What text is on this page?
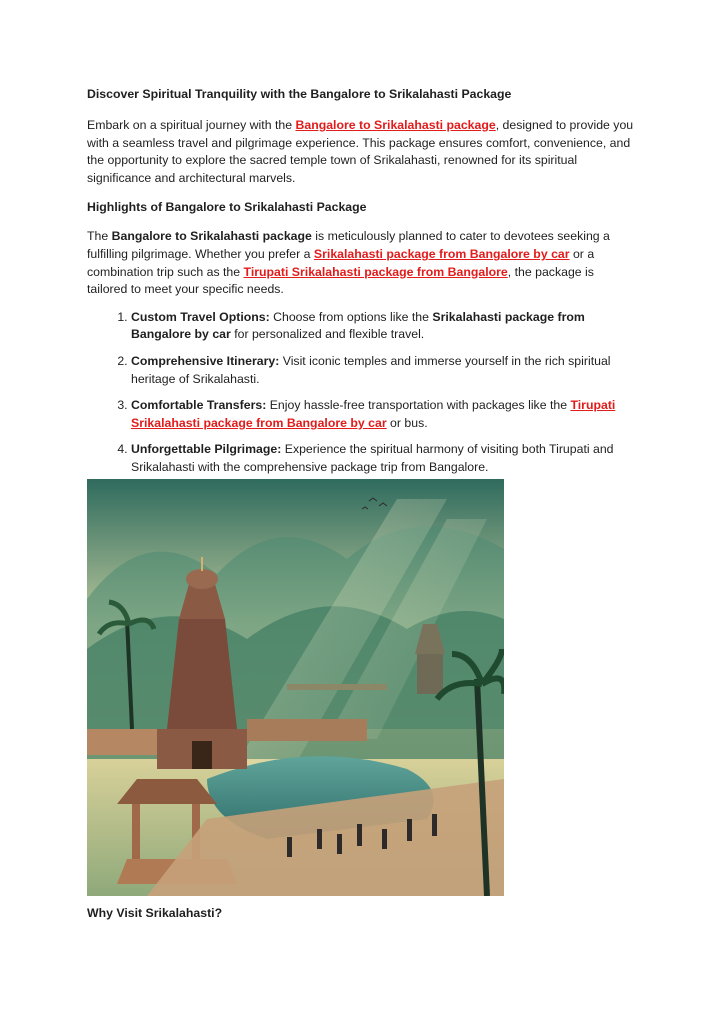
Discover Spiritual Tranquility with the Bangalore to Srikalahasti Package

Embark on a spiritual journey with the Bangalore to Srikalahasti package, designed to provide you with a seamless travel and pilgrimage experience. This package ensures comfort, convenience, and the opportunity to explore the sacred temple town of Srikalahasti, renowned for its spiritual significance and architectural marvels.

Highlights of Bangalore to Srikalahasti Package

The Bangalore to Srikalahasti package is meticulously planned to cater to devotees seeking a fulfilling pilgrimage. Whether you prefer a Srikalahasti package from Bangalore by car or a combination trip such as the Tirupati Srikalahasti package from Bangalore, the package is tailored to meet your specific needs.

1. Custom Travel Options: Choose from options like the Srikalahasti package from Bangalore by car for personalized and flexible travel.
2. Comprehensive Itinerary: Visit iconic temples and immerse yourself in the rich spiritual heritage of Srikalahasti.
3. Comfortable Transfers: Enjoy hassle-free transportation with packages like the Tirupati Srikalahasti package from Bangalore by car or bus.
4. Unforgettable Pilgrimage: Experience the spiritual harmony of visiting both Tirupati and Srikalahasti with the comprehensive package trip from Bangalore.
Why Visit Srikalahasti?
